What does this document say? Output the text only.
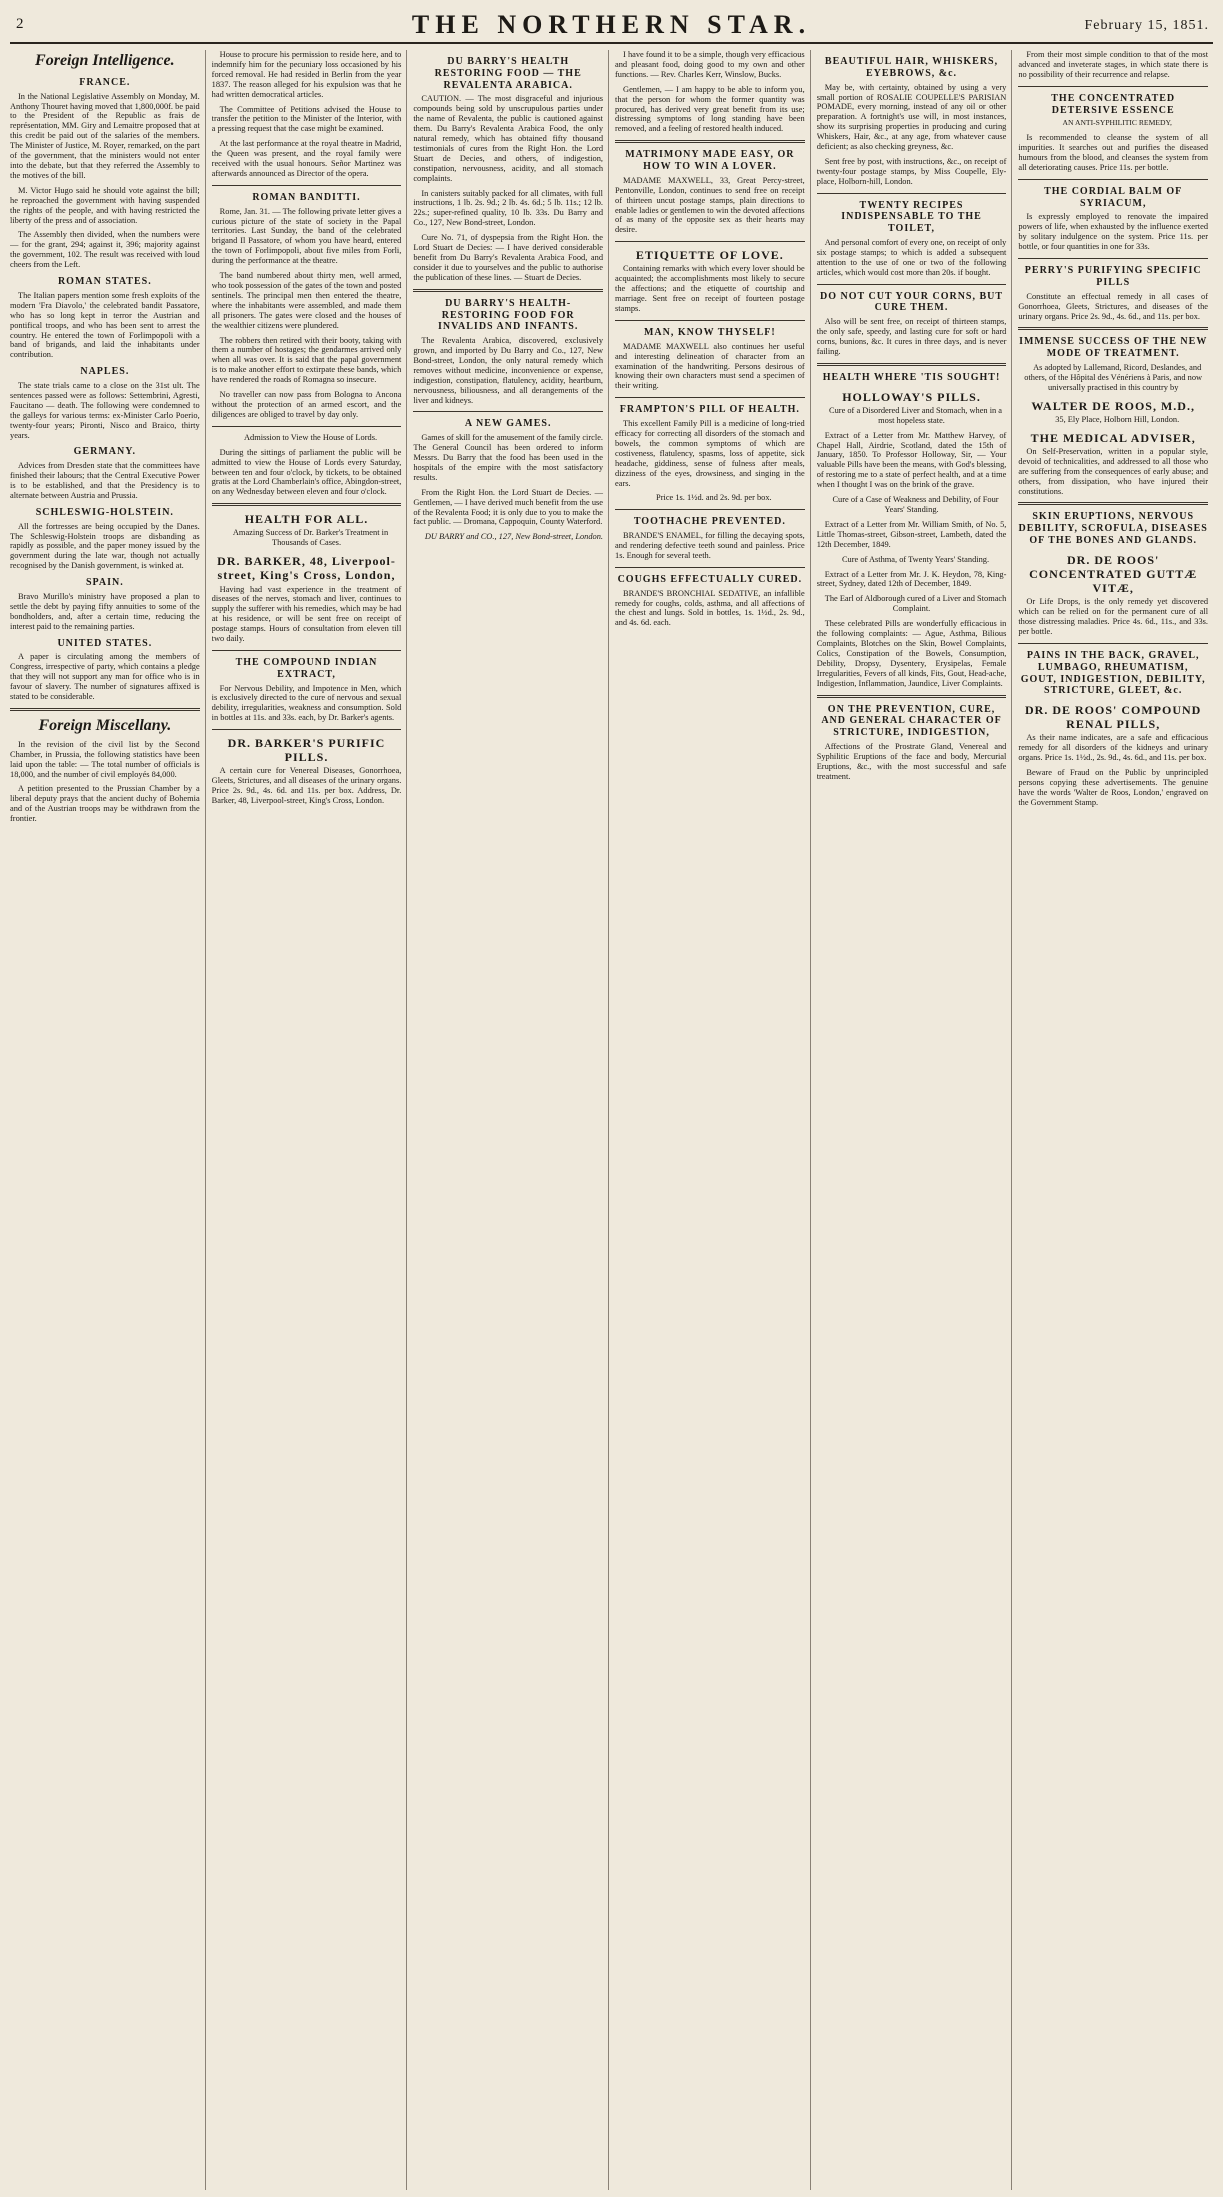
2	THE NORTHERN STAR.	February 15, 1851.
Foreign Intelligence.
FRANCE.

In the National Legislative Assembly on Monday, M. Anthony Thouret having moved that 1,800,000f. be paid to the President of the Republic as frais de représentation, MM. Giry and Lemaitre proposed that at this credit be paid out of the salaries of the members. The Minister of Justice, M. Royer, remarked, on the part of the government, that the ministers would not enter into the debate, but that they referred the Assembly to the motives of the bill.

M. Victor Hugo said he should vote against the bill; he reproached the government with having suspended the rights of the people, and with having restricted the liberty of the press and of association.

The Assembly then divided, when the numbers were — for the grant, 294; against it, 396; majority against the government, 102. The result was received with loud cheers from the Left.

ROMAN STATES.

The Italian papers mention some fresh exploits of the modern 'Fra Diavolo,' the celebrated bandit Passatore, who has so long kept in terror the Austrian and pontifical troops, and who has been sent to arrest the country. He entered the town of Forlimpopoli with a band of brigands, and laid the inhabitants under contribution.

NAPLES.

The state trials came to a close on the 31st ult. The sentences passed were as follows: Settembrini, Agresti, Faucitano — death. The following were condemned to the galleys for various terms: ex-Minister Carlo Poerio, twenty-four years; Pironti, Nisco and Braico, thirty years.

GERMANY.

Advices from Dresden state that the committees have finished their labours; that the Central Executive Power is to be established, and that the Presidency is to alternate between Austria and Prussia.

SCHLESWIG-HOLSTEIN.

All the fortresses are being occupied by the Danes. The Schleswig-Holstein troops are disbanding as rapidly as possible, and the paper money issued by the government during the late war, though not actually recognised by the Danish government, is winked at.

SPAIN.

Bravo Murillo's ministry have proposed a plan to settle the debt by paying fifty annuities to some of the bondholders, and, after a certain time, reducing the interest paid to the remaining parties.

UNITED STATES.

A paper is circulating among the members of Congress, irrespective of party, which contains a pledge that they will not support any man for office who is in favour of slavery. The number of signatures affixed is stated to be considerable.

Foreign Miscellany.

In the revision of the civil list by the Second Chamber, in Prussia, the following statistics have been laid upon the table: — The total number of officials is 18,000, and the number of civil employés 84,000.

A petition presented to the Prussian Chamber by a liberal deputy prays that the ancient duchy of Bohemia and of the Austrian troops may be withdrawn from the frontier.

House to procure his permission to reside here, and to indemnify him for the pecuniary loss occasioned by his forced removal. He had resided in Berlin from the year 1837. The reason alleged for his expulsion was that he had written democratical articles.

The Committee of Petitions advised the House to transfer the petition to the Minister of the Interior, with a pressing request that the case might be examined.

At the last performance at the royal theatre in Madrid, the Queen was present, and the royal family were received with the usual honours. Señor Martinez was afterwards announced as Director of the opera.

ROMAN BANDITTI.

Rome, Jan. 31. — The following private letter gives a curious picture of the state of society in the Papal territories. Last Sunday, the band of the celebrated brigand Il Passatore, of whom you have heard, entered the town of Forlimpopoli, about five miles from Forli, during the performance at the theatre.

The band numbered about thirty men, well armed, who took possession of the gates of the town and posted sentinels. The principal men then entered the theatre, where the inhabitants were assembled, and made them all prisoners. The gates were closed and the houses of the wealthier citizens were plundered.

The robbers then retired with their booty, taking with them a number of hostages; the gendarmes arrived only when all was over. It is said that the papal government is to make another effort to extirpate these bands, which have rendered the roads of Romagna so insecure.

No traveller can now pass from Bologna to Ancona without the protection of an armed escort, and the diligences are obliged to travel by day only.

Admission to View the House of Lords.

During the sittings of parliament the public will be admitted to view the House of Lords every Saturday, between ten and four o'clock, by tickets, to be obtained gratis at the Lord Chamberlain's office, Abingdon-street, on any Wednesday between eleven and four o'clock.

HEALTH FOR ALL.

Amazing Success of Dr. Barker's Treatment in Thousands of Cases.

DR. BARKER, 48, Liverpool-street, King's Cross, London,

Having had vast experience in the treatment of diseases of the nerves, stomach and liver, continues to supply the sufferer with his remedies, which may be had at his residence, or will be sent free on receipt of postage stamps. Hours of consultation from eleven till two daily.

THE COMPOUND INDIAN EXTRACT,

For Nervous Debility, and Impotence in Men, which is exclusively directed to the cure of nervous and sexual debility, irregularities, weakness and consumption. Sold in bottles at 11s. and 33s. each, by Dr. Barker's agents.

DR. BARKER'S PURIFIC PILLS.

A certain cure for Venereal Diseases, Gonorrhoea, Gleets, Strictures, and all diseases of the urinary organs. Price 2s. 9d., 4s. 6d. and 11s. per box. Address, Dr. Barker, 48, Liverpool-street, King's Cross, London.

DU BARRY'S HEALTH RESTORING FOOD — THE REVALENTA ARABICA.

CAUTION. — The most disgraceful and injurious compounds being sold by unscrupulous parties under the name of Revalenta, the public is cautioned against them. Du Barry's Revalenta Arabica Food, the only natural remedy, which has obtained fifty thousand testimonials of cures from the Right Hon. the Lord Stuart de Decies, and others, of indigestion, constipation, nervousness, acidity, and all stomach complaints.

In canisters suitably packed for all climates, with full instructions, 1 lb. 2s. 9d.; 2 lb. 4s. 6d.; 5 lb. 11s.; 12 lb. 22s.; super-refined quality, 10 lb. 33s. Du Barry and Co., 127, New Bond-street, London.

Cure No. 71, of dyspepsia from the Right Hon. the Lord Stuart de Decies: — I have derived considerable benefit from Du Barry's Revalenta Arabica Food, and consider it due to yourselves and the public to authorise the publication of these lines. — Stuart de Decies.

DU BARRY'S HEALTH-RESTORING FOOD FOR INVALIDS AND INFANTS.

The Revalenta Arabica, discovered, exclusively grown, and imported by Du Barry and Co., 127, New Bond-street, London, the only natural remedy which removes without medicine, inconvenience or expense, indigestion, constipation, flatulency, acidity, heartburn, nervousness, biliousness, and all derangements of the liver and kidneys.

A NEW GAMES.

Games of skill for the amusement of the family circle. The General Council has been ordered to inform Messrs. Du Barry that the food has been used in the hospitals of the empire with the most satisfactory results.

From the Right Hon. the Lord Stuart de Decies. — Gentlemen, — I have derived much benefit from the use of the Revalenta Food; it is only due to you to make the fact public. — Dromana, Cappoquin, County Waterford.

DU BARRY and CO., 127, New Bond-street, London.

I have found it to be a simple, though very efficacious and pleasant food, doing good to my own and other functions. — Rev. Charles Kerr, Winslow, Bucks.

Gentlemen, — I am happy to be able to inform you, that the person for whom the former quantity was procured, has derived very great benefit from its use; distressing symptoms of long standing have been removed, and a feeling of restored health induced.

MATRIMONY MADE EASY, OR HOW TO WIN A LOVER.

MADAME MAXWELL, 33, Great Percy-street, Pentonville, London, continues to send free on receipt of thirteen uncut postage stamps, plain directions to enable ladies or gentlemen to win the devoted affections of as many of the opposite sex as their hearts may desire.

ETIQUETTE OF LOVE.

Containing remarks with which every lover should be acquainted; the accomplishments most likely to secure the affections; and the etiquette of courtship and marriage. Sent free on receipt of fourteen postage stamps.

MAN, KNOW THYSELF!

MADAME MAXWELL also continues her useful and interesting delineation of character from an examination of the handwriting. Persons desirous of knowing their own characters must send a specimen of their writing.

FRAMPTON'S PILL OF HEALTH.

This excellent Family Pill is a medicine of long-tried efficacy for correcting all disorders of the stomach and bowels, the common symptoms of which are costiveness, flatulency, spasms, loss of appetite, sick headache, giddiness, sense of fulness after meals, dizziness of the eyes, drowsiness, and singing in the ears.

Price 1s. 1½d. and 2s. 9d. per box.

TOOTHACHE PREVENTED.

BRANDE'S ENAMEL, for filling the decaying spots, and rendering defective teeth sound and painless. Price 1s. Enough for several teeth.

COUGHS EFFECTUALLY CURED.

BRANDE'S BRONCHIAL SEDATIVE, an infallible remedy for coughs, colds, asthma, and all affections of the chest and lungs. Sold in bottles, 1s. 1½d., 2s. 9d., and 4s. 6d. each.

BEAUTIFUL HAIR, WHISKERS, EYEBROWS, &c.

May be, with certainty, obtained by using a very small portion of ROSALIE COUPELLE'S PARISIAN POMADE, every morning, instead of any oil or other preparation. A fortnight's use will, in most instances, show its surprising properties in producing and curing Whiskers, Hair, &c., at any age, from whatever cause deficient; as also checking greyness, &c.

Sent free by post, with instructions, &c., on receipt of twenty-four postage stamps, by Miss Coupelle, Ely-place, Holborn-hill, London.

TWENTY RECIPES INDISPENSABLE TO THE TOILET,

And personal comfort of every one, on receipt of only six postage stamps; to which is added a subsequent attention to the use of one or two of the following articles, which would cost more than 20s. if bought.

DO NOT CUT YOUR CORNS, BUT CURE THEM.

Also will be sent free, on receipt of thirteen stamps, the only safe, speedy, and lasting cure for soft or hard corns, bunions, &c. It cures in three days, and is never failing.

HEALTH WHERE 'TIS SOUGHT!
HOLLOWAY'S PILLS.

Cure of a Disordered Liver and Stomach, when in a most hopeless state.

Extract of a Letter from Mr. Matthew Harvey, of Chapel Hall, Airdrie, Scotland, dated the 15th of January, 1850. To Professor Holloway, Sir, — Your valuable Pills have been the means, with God's blessing, of restoring me to a state of perfect health, and at a time when I thought I was on the brink of the grave.

Cure of a Case of Weakness and Debility, of Four Years' Standing.

Extract of a Letter from Mr. William Smith, of No. 5, Little Thomas-street, Gibson-street, Lambeth, dated the 12th December, 1849.

Cure of Asthma, of Twenty Years' Standing.

Extract of a Letter from Mr. J. K. Heydon, 78, King-street, Sydney, dated 12th of December, 1849.

The Earl of Aldborough cured of a Liver and Stomach Complaint.

These celebrated Pills are wonderfully efficacious in the following complaints: — Ague, Asthma, Bilious Complaints, Blotches on the Skin, Bowel Complaints, Colics, Constipation of the Bowels, Consumption, Debility, Dropsy, Dysentery, Erysipelas, Female Irregularities, Fevers of all kinds, Fits, Gout, Head-ache, Indigestion, Inflammation, Jaundice, Liver Complaints.

ON THE PREVENTION, CURE, AND GENERAL CHARACTER OF STRICTURE, INDIGESTION,

Affections of the Prostrate Gland, Venereal and Syphilitic Eruptions of the face and body, Mercurial Eruptions, &c., with the most successful and safe treatment.

From their most simple condition to that of the most advanced and inveterate stages, in which state there is no possibility of their recurrence and relapse.

THE CONCENTRATED DETERSIVE ESSENCE

AN ANTI-SYPHILITIC REMEDY,

Is recommended to cleanse the system of all impurities. It searches out and purifies the diseased humours from the blood, and cleanses the system from all deteriorating causes. Price 11s. per bottle.

THE CORDIAL BALM OF SYRIACUM,

Is expressly employed to renovate the impaired powers of life, when exhausted by the influence exerted by solitary indulgence on the system. Price 11s. per bottle, or four quantities in one for 33s.

PERRY'S PURIFYING SPECIFIC PILLS

Constitute an effectual remedy in all cases of Gonorrhoea, Gleets, Strictures, and diseases of the urinary organs. Price 2s. 9d., 4s. 6d., and 11s. per box.

IMMENSE SUCCESS OF THE NEW MODE OF TREATMENT.

As adopted by Lallemand, Ricord, Deslandes, and others, of the Hôpital des Vénériens à Paris, and now universally practised in this country by

WALTER DE ROOS, M.D.,

35, Ely Place, Holborn Hill, London.

THE MEDICAL ADVISER,

On Self-Preservation, written in a popular style, devoid of technicalities, and addressed to all those who are suffering from the consequences of early abuse; and others, from dissipation, who have injured their constitutions.

SKIN ERUPTIONS, NERVOUS DEBILITY, SCROFULA, DISEASES OF THE BONES AND GLANDS.
DR. DE ROOS' CONCENTRATED GUTTÆ VITÆ,

Or Life Drops, is the only remedy yet discovered which can be relied on for the permanent cure of all those distressing maladies. Price 4s. 6d., 11s., and 33s. per bottle.

PAINS IN THE BACK, GRAVEL, LUMBAGO, RHEUMATISM, GOUT, INDIGESTION, DEBILITY, STRICTURE, GLEET, &c.
DR. DE ROOS' COMPOUND RENAL PILLS,

As their name indicates, are a safe and efficacious remedy for all disorders of the kidneys and urinary organs. Price 1s. 1½d., 2s. 9d., 4s. 6d., and 11s. per box.

Beware of Fraud on the Public by unprincipled persons copying these advertisements. The genuine have the words 'Walter de Roos, London,' engraved on the Government Stamp.
